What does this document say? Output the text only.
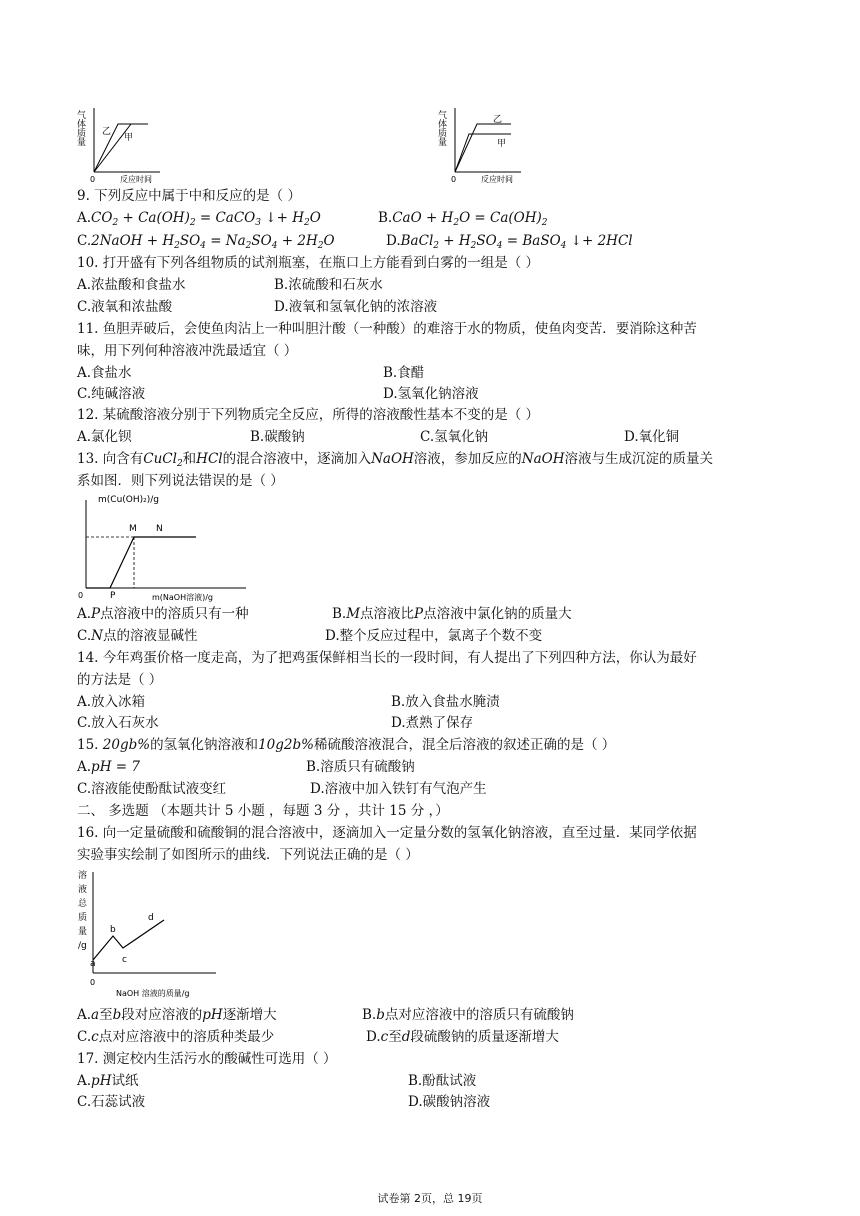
气体质量 乙
甲
0	反应时间
气体质量	乙
甲
0	反应时间
9. 下列反应中属于中和反应的是（ ）
$A.CO_2 + Ca(OH)_2$ = CaCO$_3$ ↓+ $H_2O$	$B.CaO + H_2O = Ca(OH)_2$
C.2NaOH + $H_2SO_4 = Na_2SO_4 + 2H_2O$	D.BaCl$_2$ + $H_2SO_4$ = BaSO$_4$ ↓+ 2HCl
10. 打开盛有下列各组物质的试剂瓶塞，在瓶口上方能看到白雾的一组是（ ）
A.浓盐酸和食盐水	B.浓硫酸和石灰水
C.液氧和浓盐酸	D.液氧和氢氧化钠的浓溶液
11. 鱼胆弄破后，会使鱼肉沾上一种叫胆汁酸（一种酸）的难溶于水的物质，使鱼肉变苦．要消除这种苦
味，用下列何种溶液冲洗最适宜（ ）
A.食盐水	B.食醋
C.纯碱溶液	D.氢氧化钠溶液
12. 某硫酸溶液分别于下列物质完全反应，所得的溶液酸性基本不变的是（ ）
A.氯化钡	B.碳酸钠	C.氢氧化钠	D.氧化铜
13. 向含有CuCl$_2$和HCl的混合溶液中，逐滴加入NaOH溶液，参加反应的NaOH溶液与生成沉淀的质量关
系如图．则下列说法错误的是（ ）
m(Cu(OH)₂)/g
M N
P
0	m(NaOH溶液)/g
A.P点溶液中的溶质只有一种	B.M点溶液比P点溶液中氯化钠的质量大
C.N点的溶液显碱性	D.整个反应过程中，氯离子个数不变
14. 今年鸡蛋价格一度走高，为了把鸡蛋保鲜相当长的一段时间，有人提出了下列四种方法，你认为最好
的方法是（ ）
A.放入冰箱	B.放入食盐水腌渍
C.放入石灰水	D.煮熟了保存
15. 20gb%的氢氧化钠溶液和10g2b%稀硫酸溶液混合，混全后溶液的叙述正确的是（ ）
A.pH = 7	B.溶质只有硫酸钠
C.溶液能使酚酞试液变红	D.溶液中加入铁钉有气泡产生
二、 多选题 （本题共计 5 小题 ，每题 3 分 ，共计 15 分 ，）
16. 向一定量硫酸和硫酸铜的混合溶液中，逐滴加入一定量分数的氢氧化钠溶液，直至过量．某同学依据
实验事实绘制了如图所示的曲线．下列说法正确的是（ ）
溶
液
总
质
量
/g
a
b
c
d
0
NaOH 溶液的质量/g
A.a至b段对应溶液的pH逐渐增大	B.b点对应溶液中的溶质只有硫酸钠
C.c点对应溶液中的溶质种类最少	D.c至d段硫酸钠的质量逐渐增大
17. 测定校内生活污水的酸碱性可选用（ ）
A.pH试纸	B.酚酞试液
C.石蕊试液	D.碳酸钠溶液
试卷第 2页，总 19页
